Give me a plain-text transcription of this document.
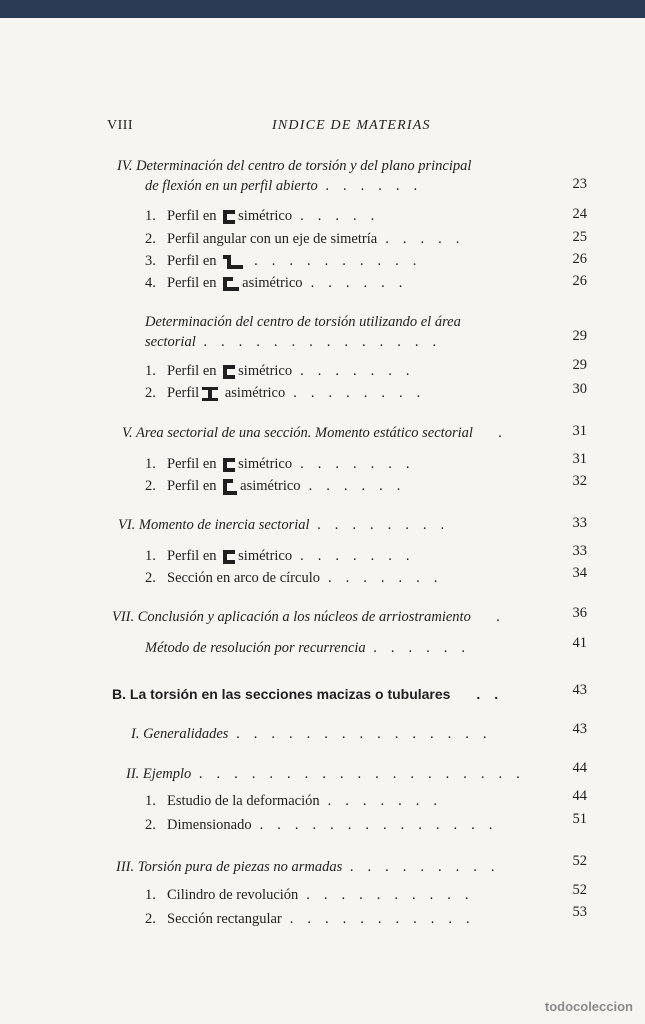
VIII	INDICE DE MATERIAS
IV. Determinación del centro de torsión y del plano principal
de flexión en un perfil abierto ......	23
1. Perfil en simétrico .....	24
2. Perfil angular con un eje de simetría .....	25
3. Perfil en	..........	26
4. Perfil en asimétrico ......	26
Determinación del centro de torsión utilizando el área
sectorial ..............	29
1. Perfil en simétrico .......	29
2. Perfil asimétrico ........	30
V. Area sectorial de una sección. Momento estático sectorial .	31
1. Perfil en simétrico .......	31
2. Perfil en asimétrico ......	32
VI. Momento de inercia sectorial ........	33
1. Perfil en simétrico .......	33
2. Sección en arco de círculo .......	34
VII. Conclusión y aplicación a los núcleos de arriostramiento .	36
Método de resolución por recurrencia ......	41
B. La torsión en las secciones macizas o tubulares ..	43
I. Generalidades ...............	43
II. Ejemplo ...................	44
1. Estudio de la deformación .......	44
2. Dimensionado ..............	51
III. Torsión pura de piezas no armadas .........	52
1. Cilindro de revolución ..........	52
2. Sección rectangular ...........	53
todocoleccion
